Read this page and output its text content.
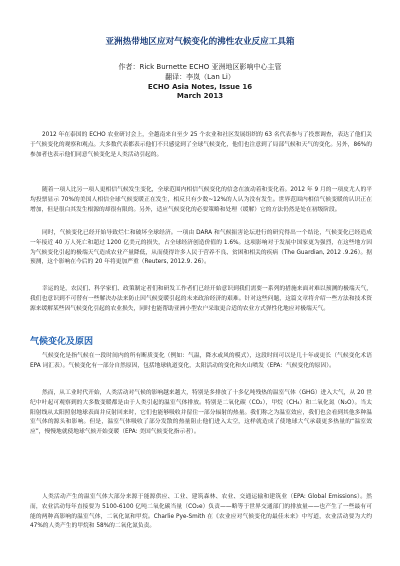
亚洲热带地区应对气候变化的沸性农业反应工具箱
作者：Rick Burnette ECHO 亚洲地区影响中心主管
翻译：李岚（Lan Li）
ECHO Asia Notes, Issue 16
March 2013

2012 年在泰国的 ECHO 农业研讨会上，全越南来自至少 25 个农业和社区发展组织的 63 名代表参与了投票调查，表达了他们关于气候变化的观察和观点。大多数代表都表示他们不只感觉到了全球气候变化，他们也注意到了局部气候和天气的变化。另外，86%的参加者也表示他们同意气候变化是人类活动引起的。

随着一项人比另一项人更相信气候发生变化，全球范围内相信气候变化的信念在波动着和变化着。2012 年 9 月的一项皮尤人的平均投票显示 70%的美国人相信全球气候变暖正在发生，相反只有少数~12%的人认为没有发生。世界范围内相信气候变暖的认识正在增加，但是很白其发生根源的却很有限的。另外，适应气候变化的必要策略和处理（缓解）它的方法仍然是处在初级阶段。

同时，气候变化已经开始导致烂仁和破坏全球经济。一项由 DARA 和气候振害论坛进行的研究得出一个结论，气候变化已经造成一年接近 40 万人死亡和超过 1200 亿美元的损失，占全球经济创造价值的 1.6%。这项影响对于发展中国家更为强烈，在这些地方因为气候变化引起的极端天气造成农业产量降低，从而使得许多人民于营养不良、贫困和相关的疾病（The Guardian, 2012 .9.26）。据预测，这个影响在今后的 20 年将更加严重（Reuters, 2012.9. 26）。

幸运的是，农民们、科学家们、政策制定者们和研发工作者们已经开始意识到我们需要一系列的措施来面对难以预测的极端天气，我们也意识到不可替有一些解决办法来防止因气候变暖引起的未来政治经济的艰难。针对这些问题，这篇文章将介绍一些方法和技术资源来缓解某些因气候变化引起的农业损失，同时也能帮助亚洲小型农户采取更合适的农业方式弹性化地应对极端天气。

气候变化及原因

气候变化是指气候在一段时间内的所有断质变化（例如：气温，降水或风的模式），这段时间可以是几十年或更长（气候变化术语 EPA 词汇表）。气候变化有一部分自然原因，包括地球轨道变化，太阳活动的变化和火山喷发（EPA：气候变化的原因）。

然而，从工业时代开始，人类活动对气候的影响越来越大，特别是多排放了十多亿吨残热的温室气体（GHG）进入大气，从 20 世纪中叶起可观察到的大多数变暖都是由于人类引起的温室气体排放。特别是二氧化碳（CO₂），甲烷（CH₄）和二氧化氮（N₂O）。当太阳射线从太阳照射地球表面并反射回来时，它们也能够吸收并留住一部分辐射的热量。我们称之为温室效应，我们也会看到其他多种温室气体的源头和影响。但是，温室气体吸收了部分发散的热量阻止他们进入太空，这样就造成了使地球大气承载更多热量的“温室效应”，慢慢地就使地球气候开始变暖（EPA: 美国气候变化指示者）。

人类活动产生的温室气体大部分来源于能源供应、工业、建筑森林、农业、交通运输和建筑业（EPA: Global Emissions）。然而，农业活动每年直接要为 5100-6100 亿吨二氧化碳当量（CO₂e）负责——略等于世界交通部门的排放量——也产生了一些最有可能的两种高影响的温室气体，二氧化氮和甲烷。Charlie Pye-Smith 在《农业应对气候变化的最佳未来》中写道，农业活动要为大约 47%的人类产生的甲烷和 58%的二氧化氮负责。
